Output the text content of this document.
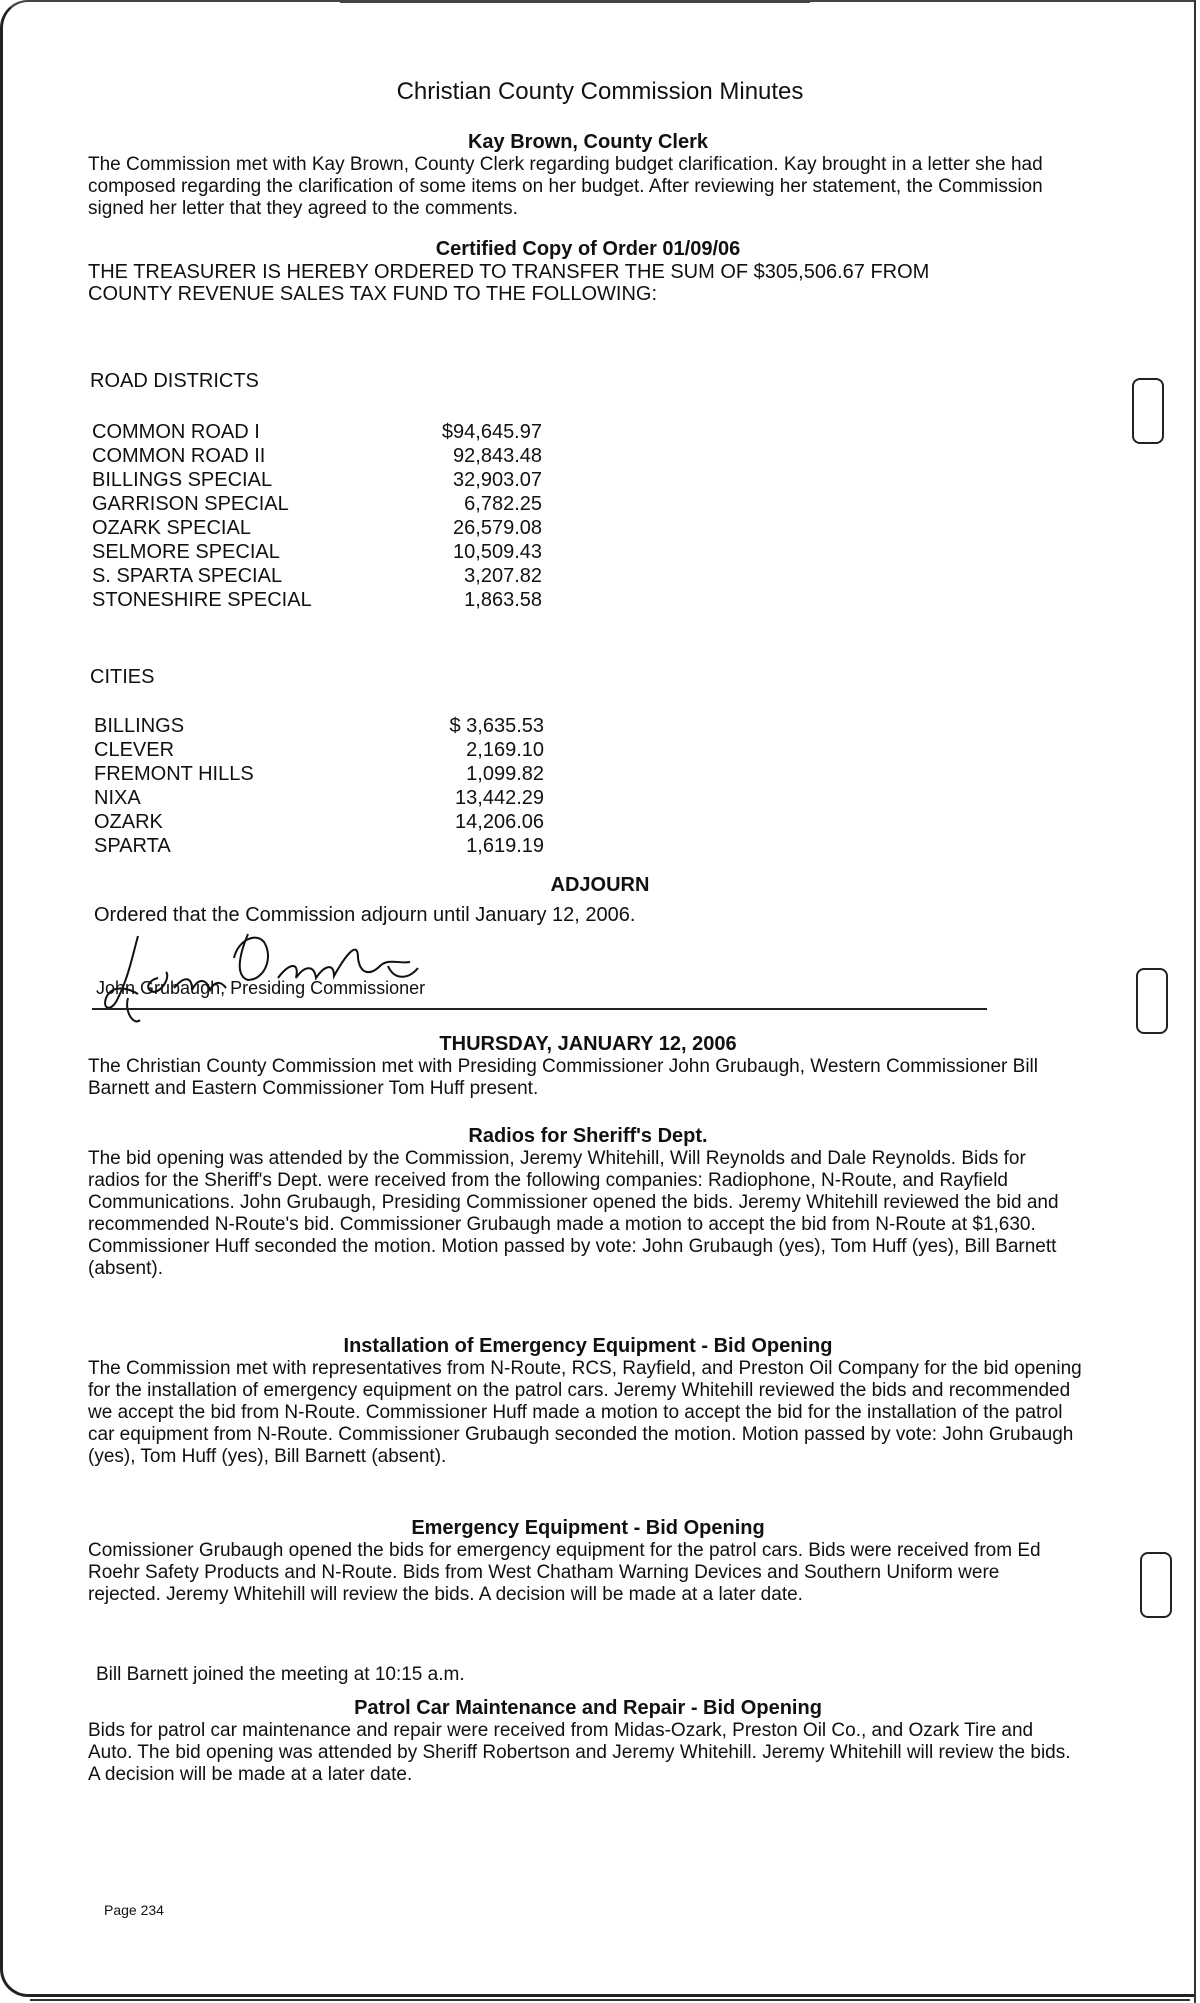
Christian County Commission Minutes
Kay Brown, County Clerk

The Commission met with Kay Brown, County Clerk regarding budget clarification. Kay brought in a letter she had composed regarding the clarification of some items on her budget. After reviewing her statement, the Commission signed her letter that they agreed to the comments.

Certified Copy of Order 01/09/06
THE TREASURER IS HEREBY ORDERED TO TRANSFER THE SUM OF $305,506.67 FROM
COUNTY REVENUE SALES TAX FUND TO THE FOLLOWING:
ROAD DISTRICTS
COMMON ROAD I	$94,645.97
COMMON ROAD II	92,843.48
BILLINGS SPECIAL	32,903.07
GARRISON SPECIAL	6,782.25
OZARK SPECIAL	26,579.08
SELMORE SPECIAL	10,509.43
S. SPARTA SPECIAL	3,207.82
STONESHIRE SPECIAL	1,863.58
CITIES
BILLINGS	$ 3,635.53
CLEVER	2,169.10
FREMONT HILLS	1,099.82
NIXA	13,442.29
OZARK	14,206.06
SPARTA	1,619.19
ADJOURN
Ordered that the Commission adjourn until January 12, 2006.
John Grubaugh, Presiding Commissioner
THURSDAY, JANUARY 12, 2006

The Christian County Commission met with Presiding Commissioner John Grubaugh, Western Commissioner Bill Barnett and Eastern Commissioner Tom Huff present.

Radios for Sheriff's Dept.

The bid opening was attended by the Commission, Jeremy Whitehill, Will Reynolds and Dale Reynolds. Bids for radios for the Sheriff's Dept. were received from the following companies: Radiophone, N-Route, and Rayfield Communications. John Grubaugh, Presiding Commissioner opened the bids. Jeremy Whitehill reviewed the bid and recommended N-Route's bid. Commissioner Grubaugh made a motion to accept the bid from N-Route at $1,630. Commissioner Huff seconded the motion. Motion passed by vote: John Grubaugh (yes), Tom Huff (yes), Bill Barnett (absent).

Installation of Emergency Equipment - Bid Opening

The Commission met with representatives from N-Route, RCS, Rayfield, and Preston Oil Company for the bid opening for the installation of emergency equipment on the patrol cars. Jeremy Whitehill reviewed the bids and recommended we accept the bid from N-Route. Commissioner Huff made a motion to accept the bid for the installation of the patrol car equipment from N-Route. Commissioner Grubaugh seconded the motion. Motion passed by vote: John Grubaugh (yes), Tom Huff (yes), Bill Barnett (absent).

Emergency Equipment - Bid Opening

Comissioner Grubaugh opened the bids for emergency equipment for the patrol cars. Bids were received from Ed Roehr Safety Products and N-Route. Bids from West Chatham Warning Devices and Southern Uniform were rejected. Jeremy Whitehill will review the bids. A decision will be made at a later date.

Bill Barnett joined the meeting at 10:15 a.m.
Patrol Car Maintenance and Repair - Bid Opening

Bids for patrol car maintenance and repair were received from Midas-Ozark, Preston Oil Co., and Ozark Tire and Auto. The bid opening was attended by Sheriff Robertson and Jeremy Whitehill. Jeremy Whitehill will review the bids. A decision will be made at a later date.

Page 234
